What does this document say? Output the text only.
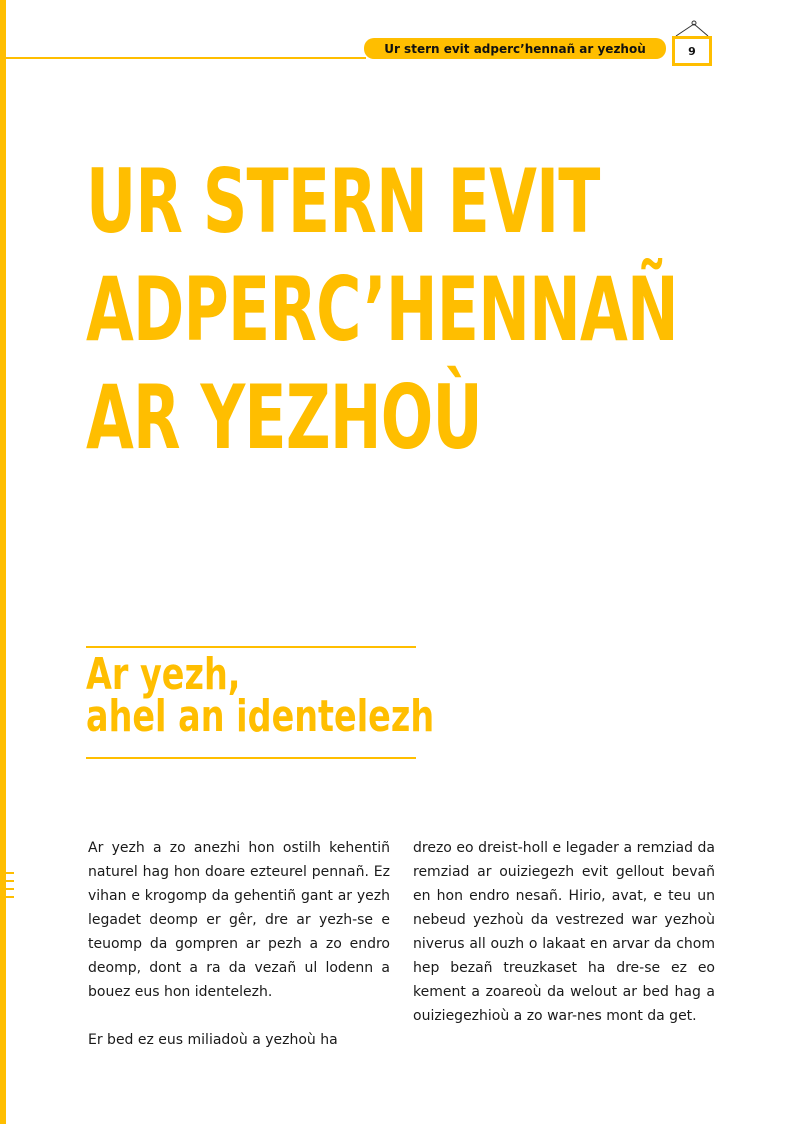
Ur stern evit adperc’hennañ ar yezhoù	9
UR STERN EVIT
ADPERC’HENNAÑ
AR YEZHOÙ
Ar yezh,
ahel an identelezh

Ar yezh a zo anezhi hon ostilh kehentiñ naturel hag hon doare ezteurel pennañ. Ez vihan e krogomp da gehentiñ gant ar yezh legadet deomp er gêr, dre ar yezh-se e teuomp da gompren ar pezh a zo endro deomp, dont a ra da vezañ ul lodenn a bouez eus hon identelezh.

Er bed ez eus miliadoù a yezhoù ha

drezo eo dreist-holl e legader a remziad da remziad ar ouiziegezh evit gellout bevañ en hon endro nesañ. Hirio, avat, e teu un nebeud yezhoù da vestrezed war yezhoù niverus all ouzh o lakaat en arvar da chom hep bezañ treuzkaset ha dre-se ez eo kement a zoareoù da welout ar bed hag a ouiziegezhioù a zo war-nes mont da get.
